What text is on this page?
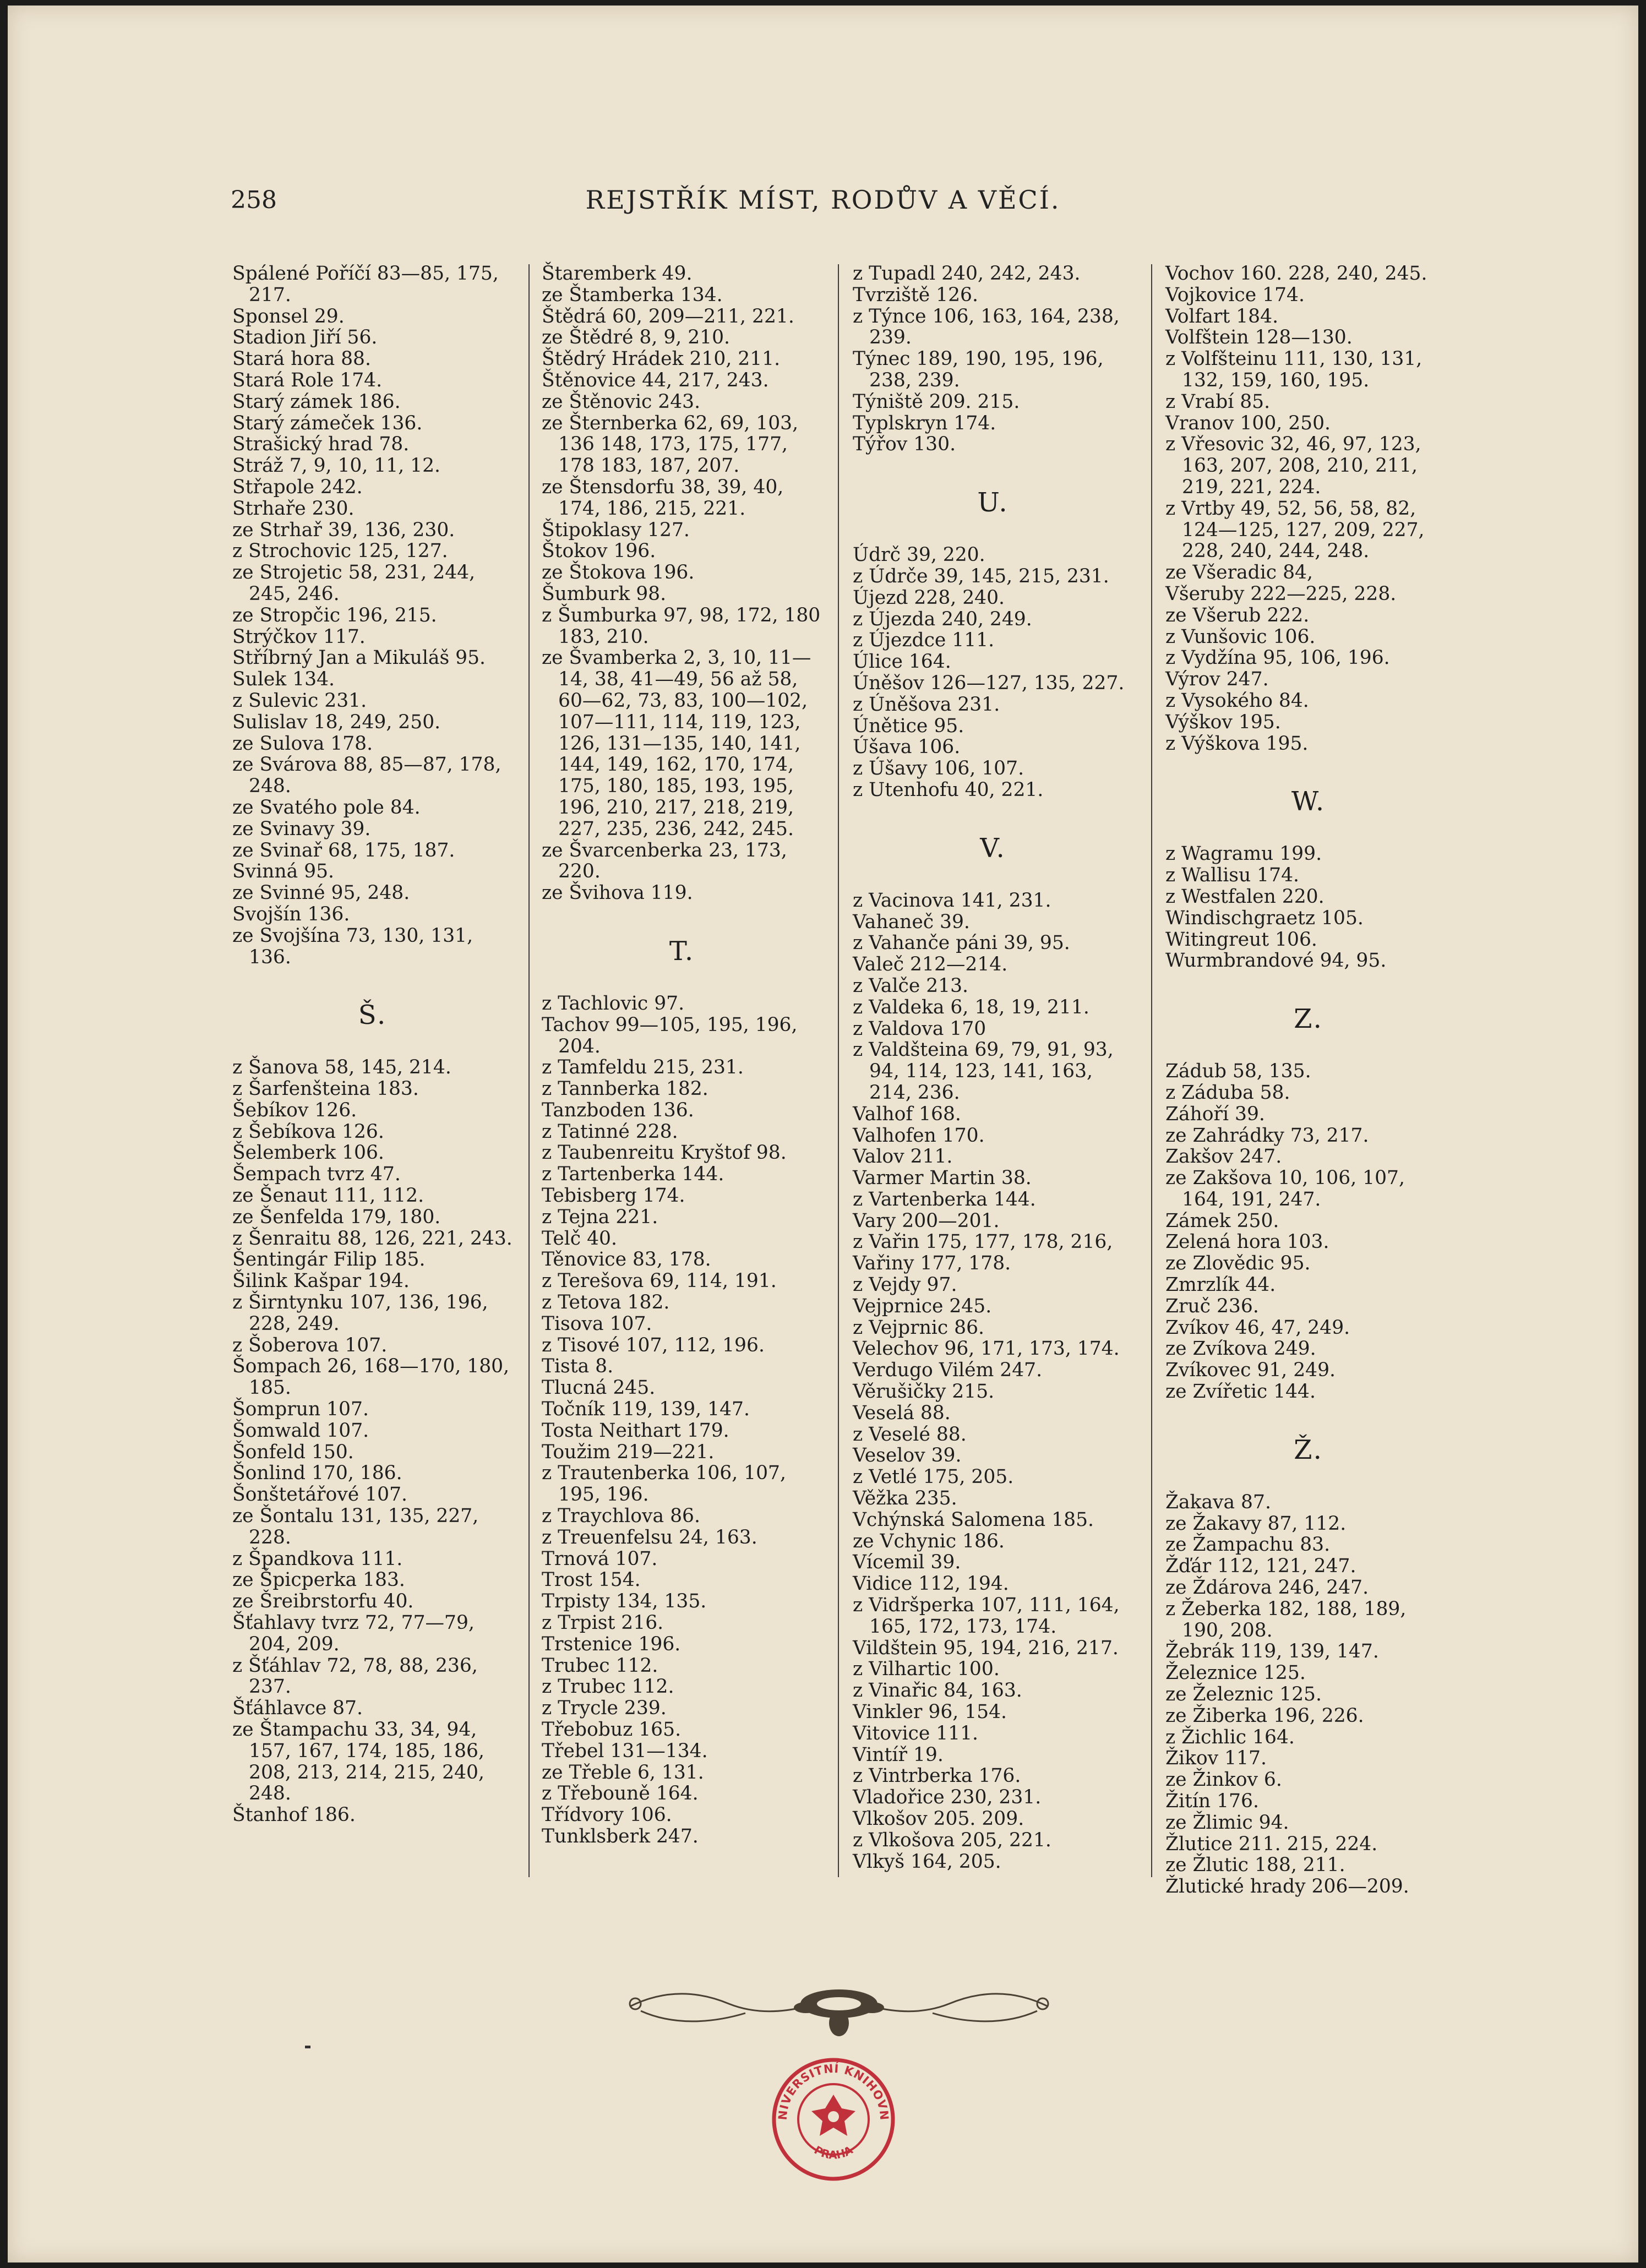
258	REJSTŘÍK MÍST, RODŮV A VĚCÍ.
Spálené Poříčí 83—85, 175, 217.
Sponsel 29.
Stadion Jiří 56.
Stará hora 88.
Stará Role 174.
Starý zámek 186.
Starý zámeček 136.
Strašický hrad 78.
Stráž 7, 9, 10, 11, 12.
Střapole 242.
Strhaře 230.
ze Strhař 39, 136, 230.
z Strochovic 125, 127.
ze Strojetic 58, 231, 244, 245, 246.
ze Stropčic 196, 215.
Strýčkov 117.
Stříbrný Jan a Mikuláš 95.
Sulek 134.
z Sulevic 231.
Sulislav 18, 249, 250.
ze Sulova 178.
ze Svárova 88, 85—87, 178, 248.
ze Svatého pole 84.
ze Svinavy 39.
ze Svinař 68, 175, 187.
Svinná 95.
ze Svinné 95, 248.
Svojšín 136.
ze Svojšína 73, 130, 131, 136.
Š.
z Šanova 58, 145, 214.
z Šarfenšteina 183.
Šebíkov 126.
z Šebíkova 126.
Šelemberk 106.
Šempach tvrz 47.
ze Šenaut 111, 112.
ze Šenfelda 179, 180.
z Šenraitu 88, 126, 221, 243.
Šentingár Filip 185.
Šilink Kašpar 194.
z Širntynku 107, 136, 196, 228, 249.
z Šoberova 107.
Šompach 26, 168—170, 180, 185.
Šomprun 107.
Šomwald 107.
Šonfeld 150.
Šonlind 170, 186.
Šonštetářové 107.
ze Šontalu 131, 135, 227, 228.
z Špandkova 111.
ze Špicperka 183.
ze Šreibrstorfu 40.
Šťahlavy tvrz 72, 77—79, 204, 209.
z Šťáhlav 72, 78, 88, 236, 237.
Šťáhlavce 87.
ze Štampachu 33, 34, 94, 157, 167, 174, 185, 186, 208, 213, 214, 215, 240, 248.
Štanhof 186.
Štaremberk 49.
ze Štamberka 134.
Štědrá 60, 209—211, 221.
ze Štědré 8, 9, 210.
Štědrý Hrádek 210, 211.
Štěnovice 44, 217, 243.
ze Štěnovic 243.
ze Šternberka 62, 69, 103, 136 148, 173, 175, 177, 178 183, 187, 207.
ze Štensdorfu 38, 39, 40, 174, 186, 215, 221.
Štipoklasy 127.
Štokov 196.
ze Štokova 196.
Šumburk 98.
z Šumburka 97, 98, 172, 180 183, 210.
ze Švamberka 2, 3, 10, 11—14, 38, 41—49, 56 až 58, 60—62, 73, 83, 100—102, 107—111, 114, 119, 123, 126, 131—135, 140, 141, 144, 149, 162, 170, 174, 175, 180, 185, 193, 195, 196, 210, 217, 218, 219, 227, 235, 236, 242, 245.
ze Švarcenberka 23, 173, 220.
ze Švihova 119.
T.
z Tachlovic 97.
Tachov 99—105, 195, 196, 204.
z Tamfeldu 215, 231.
z Tannberka 182.
Tanzboden 136.
z Tatinné 228.
z Taubenreitu Kryštof 98.
z Tartenberka 144.
Tebisberg 174.
z Tejna 221.
Telč 40.
Těnovice 83, 178.
z Terešova 69, 114, 191.
z Tetova 182.
Tisova 107.
z Tisové 107, 112, 196.
Tista 8.
Tlucná 245.
Točník 119, 139, 147.
Tosta Neithart 179.
Toužim 219—221.
z Trautenberka 106, 107, 195, 196.
z Traychlova 86.
z Treuenfelsu 24, 163.
Trnová 107.
Trost 154.
Trpisty 134, 135.
z Trpist 216.
Trstenice 196.
Trubec 112.
z Trubec 112.
z Trycle 239.
Třebobuz 165.
Třebel 131—134.
ze Třeble 6, 131.
z Třebouně 164.
Třídvory 106.
Tunklsberk 247.
z Tupadl 240, 242, 243.
Tvrziště 126.
z Týnce 106, 163, 164, 238, 239.
Týnec 189, 190, 195, 196, 238, 239.
Týniště 209. 215.
Typlskryn 174.
Týřov 130.
U.
Údrč 39, 220.
z Údrče 39, 145, 215, 231.
Újezd 228, 240.
z Újezda 240, 249.
z Újezdce 111.
Úlice 164.
Úněšov 126—127, 135, 227.
z Úněšova 231.
Únětice 95.
Úšava 106.
z Úšavy 106, 107.
z Utenhofu 40, 221.
V.
z Vacinova 141, 231.
Vahaneč 39.
z Vahanče páni 39, 95.
Valeč 212—214.
z Valče 213.
z Valdeka 6, 18, 19, 211.
z Valdova 170
z Valdšteina 69, 79, 91, 93, 94, 114, 123, 141, 163, 214, 236.
Valhof 168.
Valhofen 170.
Valov 211.
Varmer Martin 38.
z Vartenberka 144.
Vary 200—201.
z Vařin 175, 177, 178, 216,
Vařiny 177, 178.
z Vejdy 97.
Vejprnice 245.
z Vejprnic 86.
Velechov 96, 171, 173, 174.
Verdugo Vilém 247.
Věrušičky 215.
Veselá 88.
z Veselé 88.
Veselov 39.
z Vetlé 175, 205.
Věžka 235.
Vchýnská Salomena 185.
ze Vchynic 186.
Vícemil 39.
Vidice 112, 194.
z Vidršperka 107, 111, 164, 165, 172, 173, 174.
Vildštein 95, 194, 216, 217.
z Vilhartic 100.
z Vinařic 84, 163.
Vinkler 96, 154.
Vitovice 111.
Vintíř 19.
z Vintrberka 176.
Vladořice 230, 231.
Vlkošov 205. 209.
z Vlkošova 205, 221.
Vlkyš 164, 205.
Vochov 160. 228, 240, 245.
Vojkovice 174.
Volfart 184.
Volfštein 128—130.
z Volfšteinu 111, 130, 131, 132, 159, 160, 195.
z Vrabí 85.
Vranov 100, 250.
z Vřesovic 32, 46, 97, 123, 163, 207, 208, 210, 211, 219, 221, 224.
z Vrtby 49, 52, 56, 58, 82, 124—125, 127, 209, 227, 228, 240, 244, 248.
ze Všeradic 84,
Všeruby 222—225, 228.
ze Všerub 222.
z Vunšovic 106.
z Vydžína 95, 106, 196.
Výrov 247.
z Vysokého 84.
Výškov 195.
z Výškova 195.
W.
z Wagramu 199.
z Wallisu 174.
z Westfalen 220.
Windischgraetz 105.
Witingreut 106.
Wurmbrandové 94, 95.
Z.
Zádub 58, 135.
z Záduba 58.
Záhoří 39.
ze Zahrádky 73, 217.
Zakšov 247.
ze Zakšova 10, 106, 107, 164, 191, 247.
Zámek 250.
Zelená hora 103.
ze Zlovědic 95.
Zmrzlík 44.
Zruč 236.
Zvíkov 46, 47, 249.
ze Zvíkova 249.
Zvíkovec 91, 249.
ze Zvířetic 144.
Ž.
Žakava 87.
ze Žakavy 87, 112.
ze Žampachu 83.
Žďár 112, 121, 247.
ze Ždárova 246, 247.
z Žeberka 182, 188, 189, 190, 208.
Žebrák 119, 139, 147.
Železnice 125.
ze Železnic 125.
ze Žiberka 196, 226.
z Žichlic 164.
Žikov 117.
ze Žinkov 6.
Žitín 176.
ze Žlimic 94.
Žlutice 211. 215, 224.
ze Žlutic 188, 211.
Žlutické hrady 206—209.
NIVERSITNÍ KNIHOVN
PRAHA
